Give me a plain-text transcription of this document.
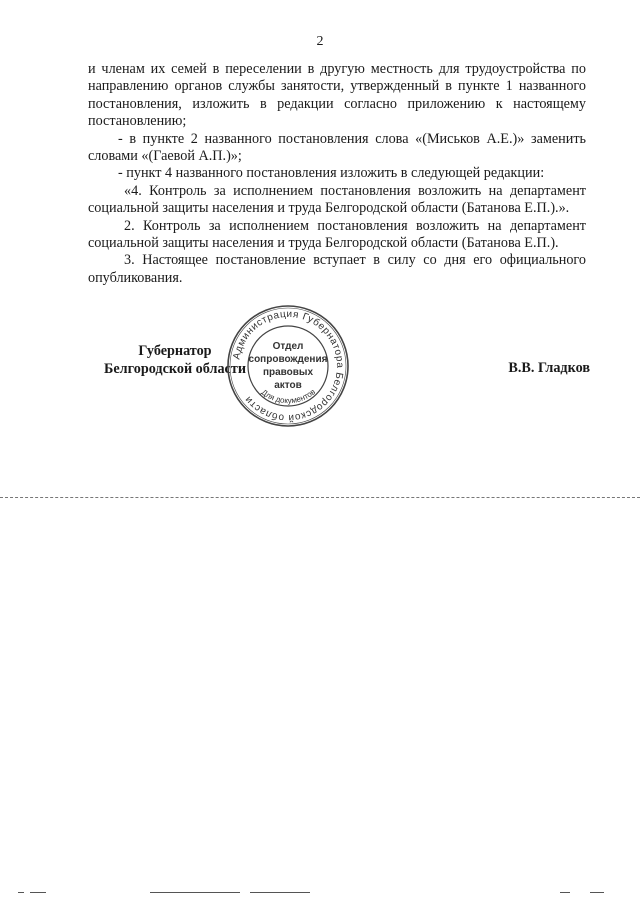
2

и членам их семей в переселении в другую местность для трудоустройства по направлению органов службы занятости, утвержденный в пункте 1 названного постановления, изложить в редакции согласно приложению к настоящему постановлению;

- в пункте 2 названного постановления слова «(Миськов А.Е.)» заменить словами «(Гаевой А.П.)»;

- пункт 4 названного постановления изложить в следующей редакции:

«4. Контроль за исполнением постановления возложить на департамент социальной защиты населения и труда Белгородской области (Батанова Е.П.).».

2. Контроль за исполнением постановления возложить на департамент социальной защиты населения и труда Белгородской области (Батанова Е.П.).

3. Настоящее постановление вступает в силу со дня его официального опубликования.

Губернатор
Белгородской области
Администрация Губернатора Белгородской области
Для документов
Отдел
сопровождения
правовых
актов
В.В. Гладков
